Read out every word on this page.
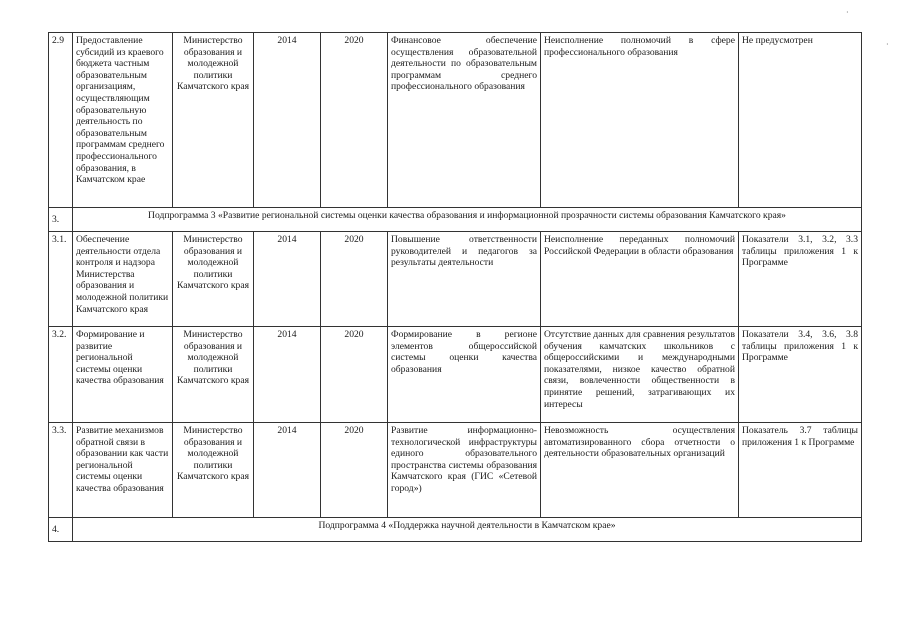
·
·
2.9	Предоставление субсидий из краевого бюджета частным образовательным организациям, осуществляющим образовательную деятельность по образовательным программам среднего профессионального образования, в Камчатском крае	Министерство образования и молодежной политики Камчатского края	2014	2020	Финансовое обеспечение осуществления образовательной деятельности по образовательным программам среднего профессионального образования	Неисполнение полномочий в сфере профессионального образования	Не предусмотрен
3.	Подпрограмма 3 «Развитие региональной системы оценки качества образования и информационной прозрачности системы образования Камчатского края»						
3.1.	Обеспечение деятельности отдела контроля и надзора Министерства образования и молодежной политики Камчатского края	Министерство образования и молодежной политики Камчатского края	2014	2020	Повышение ответственности руководителей и педагогов за результаты деятельности	Неисполнение переданных полномочий Российской Федерации в области образования	Показатели 3.1, 3.2, 3.3 таблицы приложения 1 к Программе
3.2.	Формирование и развитие региональной системы оценки качества образования	Министерство образования и молодежной политики Камчатского края	2014	2020	Формирование в регионе элементов общероссийской системы оценки качества образования	Отсутствие данных для сравнения результатов обучения камчатских школьников с общероссийскими и международными показателями, низкое качество обратной связи, вовлеченности общественности в принятие решений, затрагивающих их интересы	Показатели 3.4, 3.6, 3.8 таблицы приложения 1 к Программе
3.3.	Развитие механизмов обратной связи в образовании как части региональной системы оценки качества образования	Министерство образования и молодежной политики Камчатского края	2014	2020	Развитие информационно-технологической инфраструктуры единого образовательного пространства системы образования Камчатского края (ГИС «Сетевой город»)	Невозможность осуществления автоматизированного сбора отчетности о деятельности образовательных организаций	Показатель 3.7 таблицы приложения 1 к Программе
4.	Подпрограмма 4 «Поддержка научной деятельности в Камчатском крае»						
